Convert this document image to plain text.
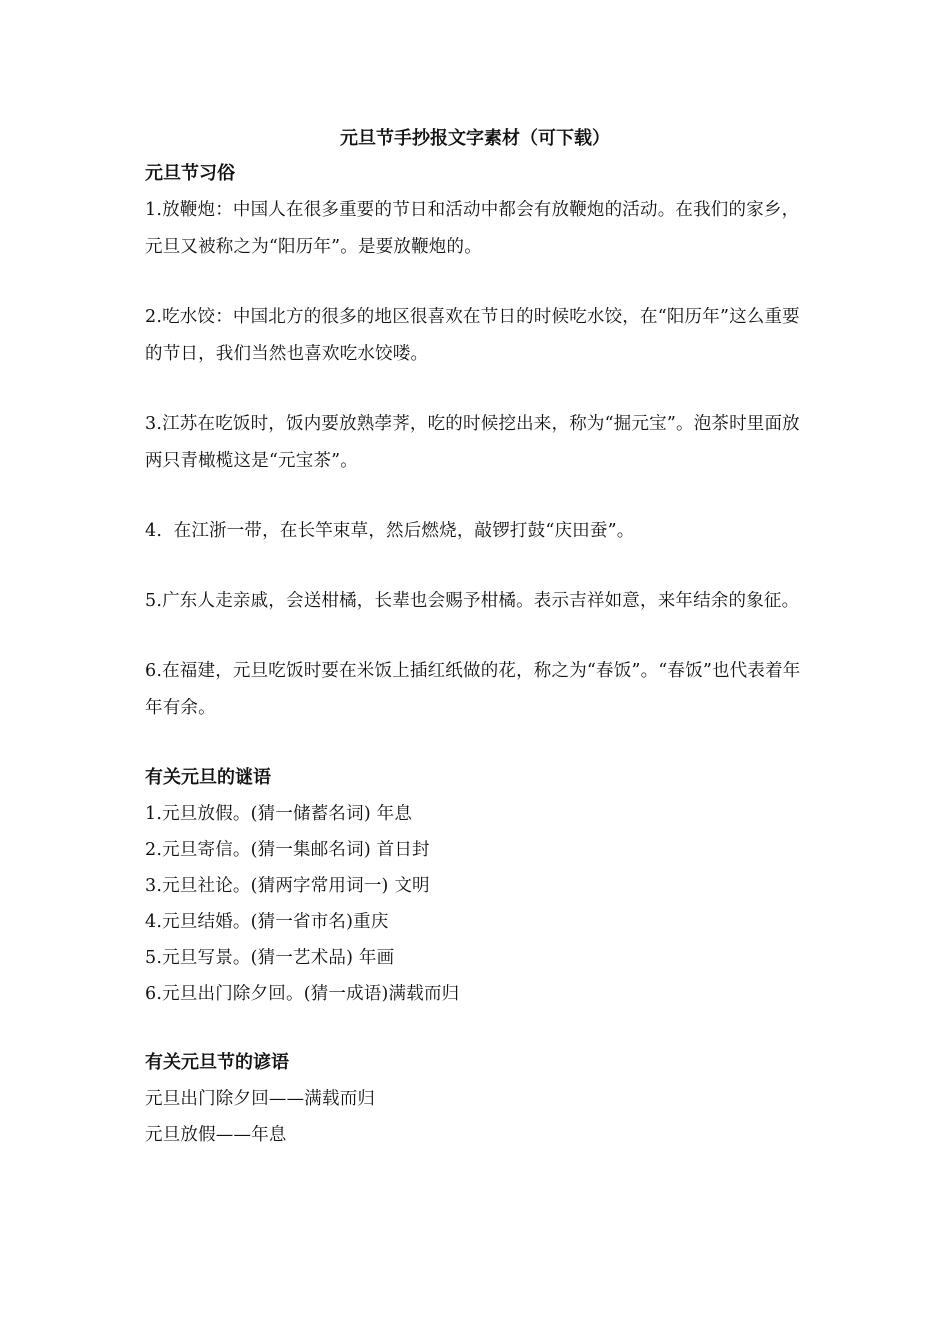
元旦节手抄报文字素材（可下载）
元旦节习俗

1.放鞭炮：中国人在很多重要的节日和活动中都会有放鞭炮的活动。在我们的家乡，元旦又被称之为“阳历年”。是要放鞭炮的。

2.吃水饺：中国北方的很多的地区很喜欢在节日的时候吃水饺，在“阳历年”这么重要的节日，我们当然也喜欢吃水饺喽。

3.江苏在吃饭时，饭内要放熟荸荠，吃的时候挖出来，称为“掘元宝”。泡茶时里面放两只青橄榄这是“元宝茶”。

4.  在江浙一带，在长竿束草，然后燃烧，敲锣打鼓“庆田蚕”。

5.广东人走亲戚，会送柑橘，长辈也会赐予柑橘。表示吉祥如意，来年结余的象征。

6.在福建，元旦吃饭时要在米饭上插红纸做的花，称之为“春饭”。“春饭”也代表着年年有余。

有关元旦的谜语

1.元旦放假。(猜一储蓄名词) 年息

2.元旦寄信。(猜一集邮名词) 首日封

3.元旦社论。(猜两字常用词一) 文明

4.元旦结婚。(猜一省市名)重庆

5.元旦写景。(猜一艺术品) 年画

6.元旦出门除夕回。(猜一成语)满载而归

有关元旦节的谚语

元旦出门除夕回——满载而归

元旦放假——年息
